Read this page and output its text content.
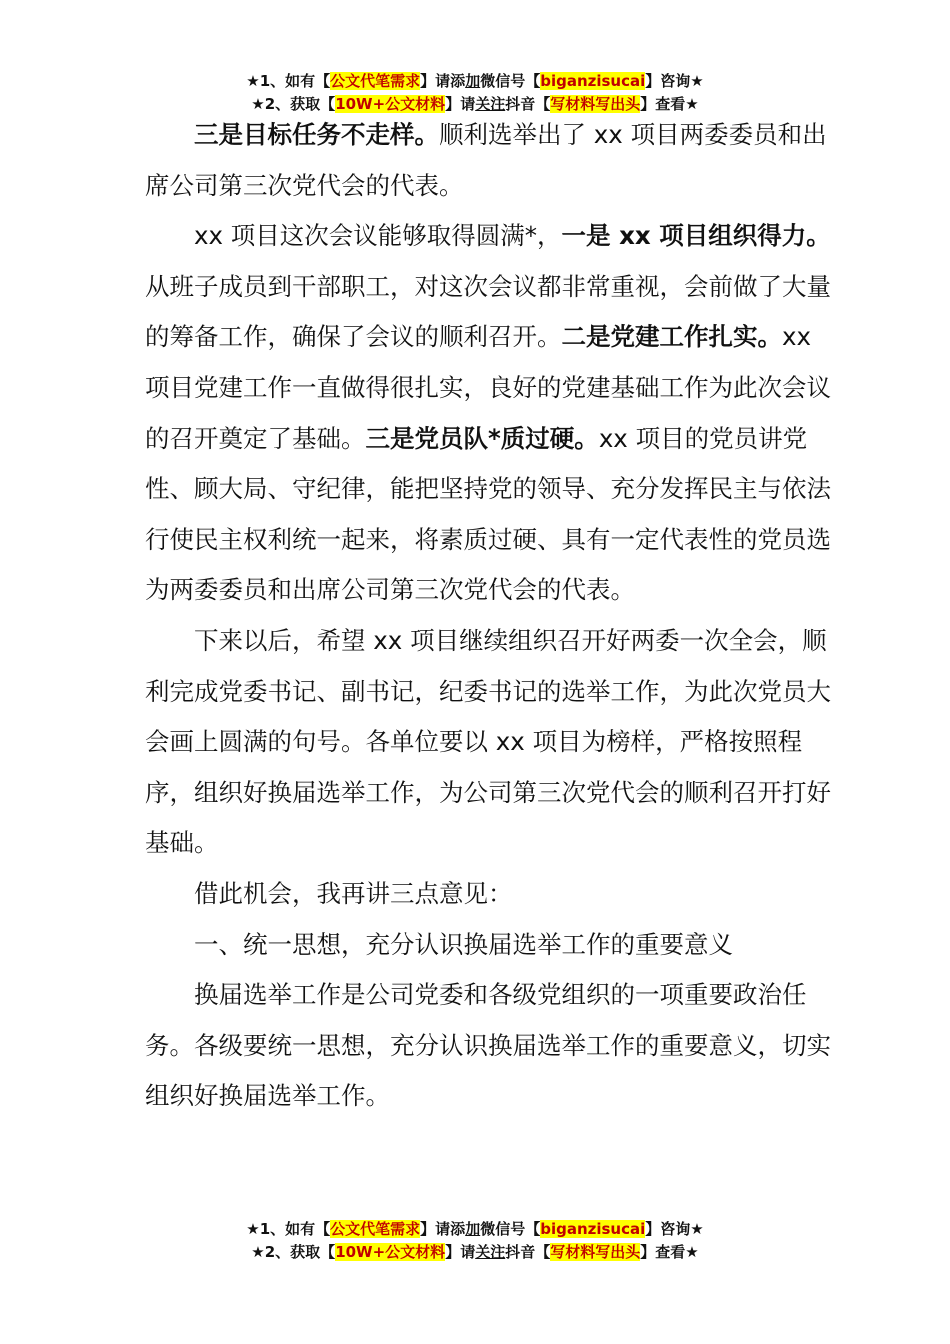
★1、如有【公文代笔需求】请添加微信号【biganzisucai】咨询★
★2、获取【10W+公文材料】请关注抖音【写材料写出头】查看★

三是目标任务不走样。顺利选举出了 xx 项目两委委员和出席公司第三次党代会的代表。

xx 项目这次会议能够取得圆满*，一是 xx 项目组织得力。从班子成员到干部职工，对这次会议都非常重视，会前做了大量的筹备工作，确保了会议的顺利召开。二是党建工作扎实。xx 项目党建工作一直做得很扎实，良好的党建基础工作为此次会议的召开奠定了基础。三是党员队*质过硬。xx 项目的党员讲党性、顾大局、守纪律，能把坚持党的领导、充分发挥民主与依法行使民主权利统一起来，将素质过硬、具有一定代表性的党员选为两委委员和出席公司第三次党代会的代表。

下来以后，希望 xx 项目继续组织召开好两委一次全会，顺利完成党委书记、副书记，纪委书记的选举工作，为此次党员大会画上圆满的句号。各单位要以 xx 项目为榜样，严格按照程序，组织好换届选举工作，为公司第三次党代会的顺利召开打好基础。

借此机会，我再讲三点意见：

一、统一思想，充分认识换届选举工作的重要意义

换届选举工作是公司党委和各级党组织的一项重要政治任务。各级要统一思想，充分认识换届选举工作的重要意义，切实组织好换届选举工作。

★1、如有【公文代笔需求】请添加微信号【biganzisucai】咨询★
★2、获取【10W+公文材料】请关注抖音【写材料写出头】查看★
